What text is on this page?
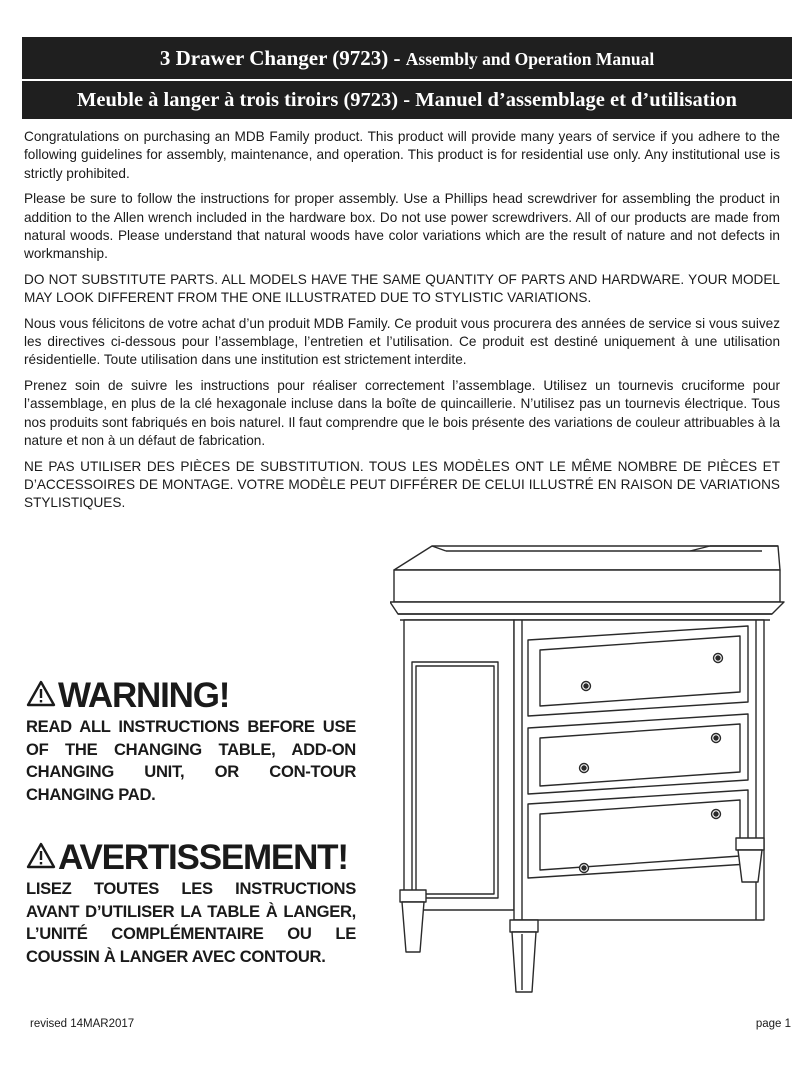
3 Drawer Changer (9723) - Assembly and Operation Manual
Meuble à langer à trois tiroirs (9723) - Manuel d’assemblage et d’utilisation

Congratulations on purchasing an MDB Family product. This product will provide many years of service if you adhere to the following guidelines for assembly, maintenance, and operation. This product is for residential use only. Any institutional use is strictly prohibited.

Please be sure to follow the instructions for proper assembly. Use a Phillips head screwdriver for assembling the product in addition to the Allen wrench included in the hardware box. Do not use power screwdrivers. All of our products are made from natural woods. Please understand that natural woods have color variations which are the result of nature and not defects in workmanship.

DO NOT SUBSTITUTE PARTS. ALL MODELS HAVE THE SAME QUANTITY OF PARTS AND HARDWARE. YOUR MODEL MAY LOOK DIFFERENT FROM THE ONE ILLUSTRATED DUE TO STYLISTIC VARIATIONS.

Nous vous félicitons de votre achat d’un produit MDB Family. Ce produit vous procurera des années de service si vous suivez les directives ci-dessous pour l’assemblage, l’entretien et l’utilisation. Ce produit est destiné uniquement à une utilisation résidentielle. Toute utilisation dans une institution est strictement interdite.

Prenez soin de suivre les instructions pour réaliser correctement l’assemblage. Utilisez un tournevis cruciforme pour l’assemblage, en plus de la clé hexagonale incluse dans la boîte de quincaillerie. N’utilisez pas un tournevis électrique. Tous nos produits sont fabriqués en bois naturel. Il faut comprendre que le bois présente des variations de couleur attribuables à la nature et non à un défaut de fabrication.

NE PAS UTILISER DES PIÈCES DE SUBSTITUTION. TOUS LES MODÈLES ONT LE MÊME NOMBRE DE PIÈCES ET D’ACCESSOIRES DE MONTAGE. VOTRE MODÈLE PEUT DIFFÉRER DE CELUI ILLUSTRÉ EN RAISON DE VARIATIONS STYLISTIQUES.

WARNING!
READ ALL INSTRUCTIONS BEFORE USE OF THE CHANGING TABLE, ADD-ON CHANGING UNIT, OR CON-TOUR CHANGING PAD.
AVERTISSEMENT!
LISEZ TOUTES LES INSTRUCTIONS AVANT D’UTILISER LA TABLE À LANGER, L’UNITÉ COMPLÉMENTAIRE OU LE COUSSIN À LANGER AVEC CONTOUR.
revised 14MAR2017	page 1
